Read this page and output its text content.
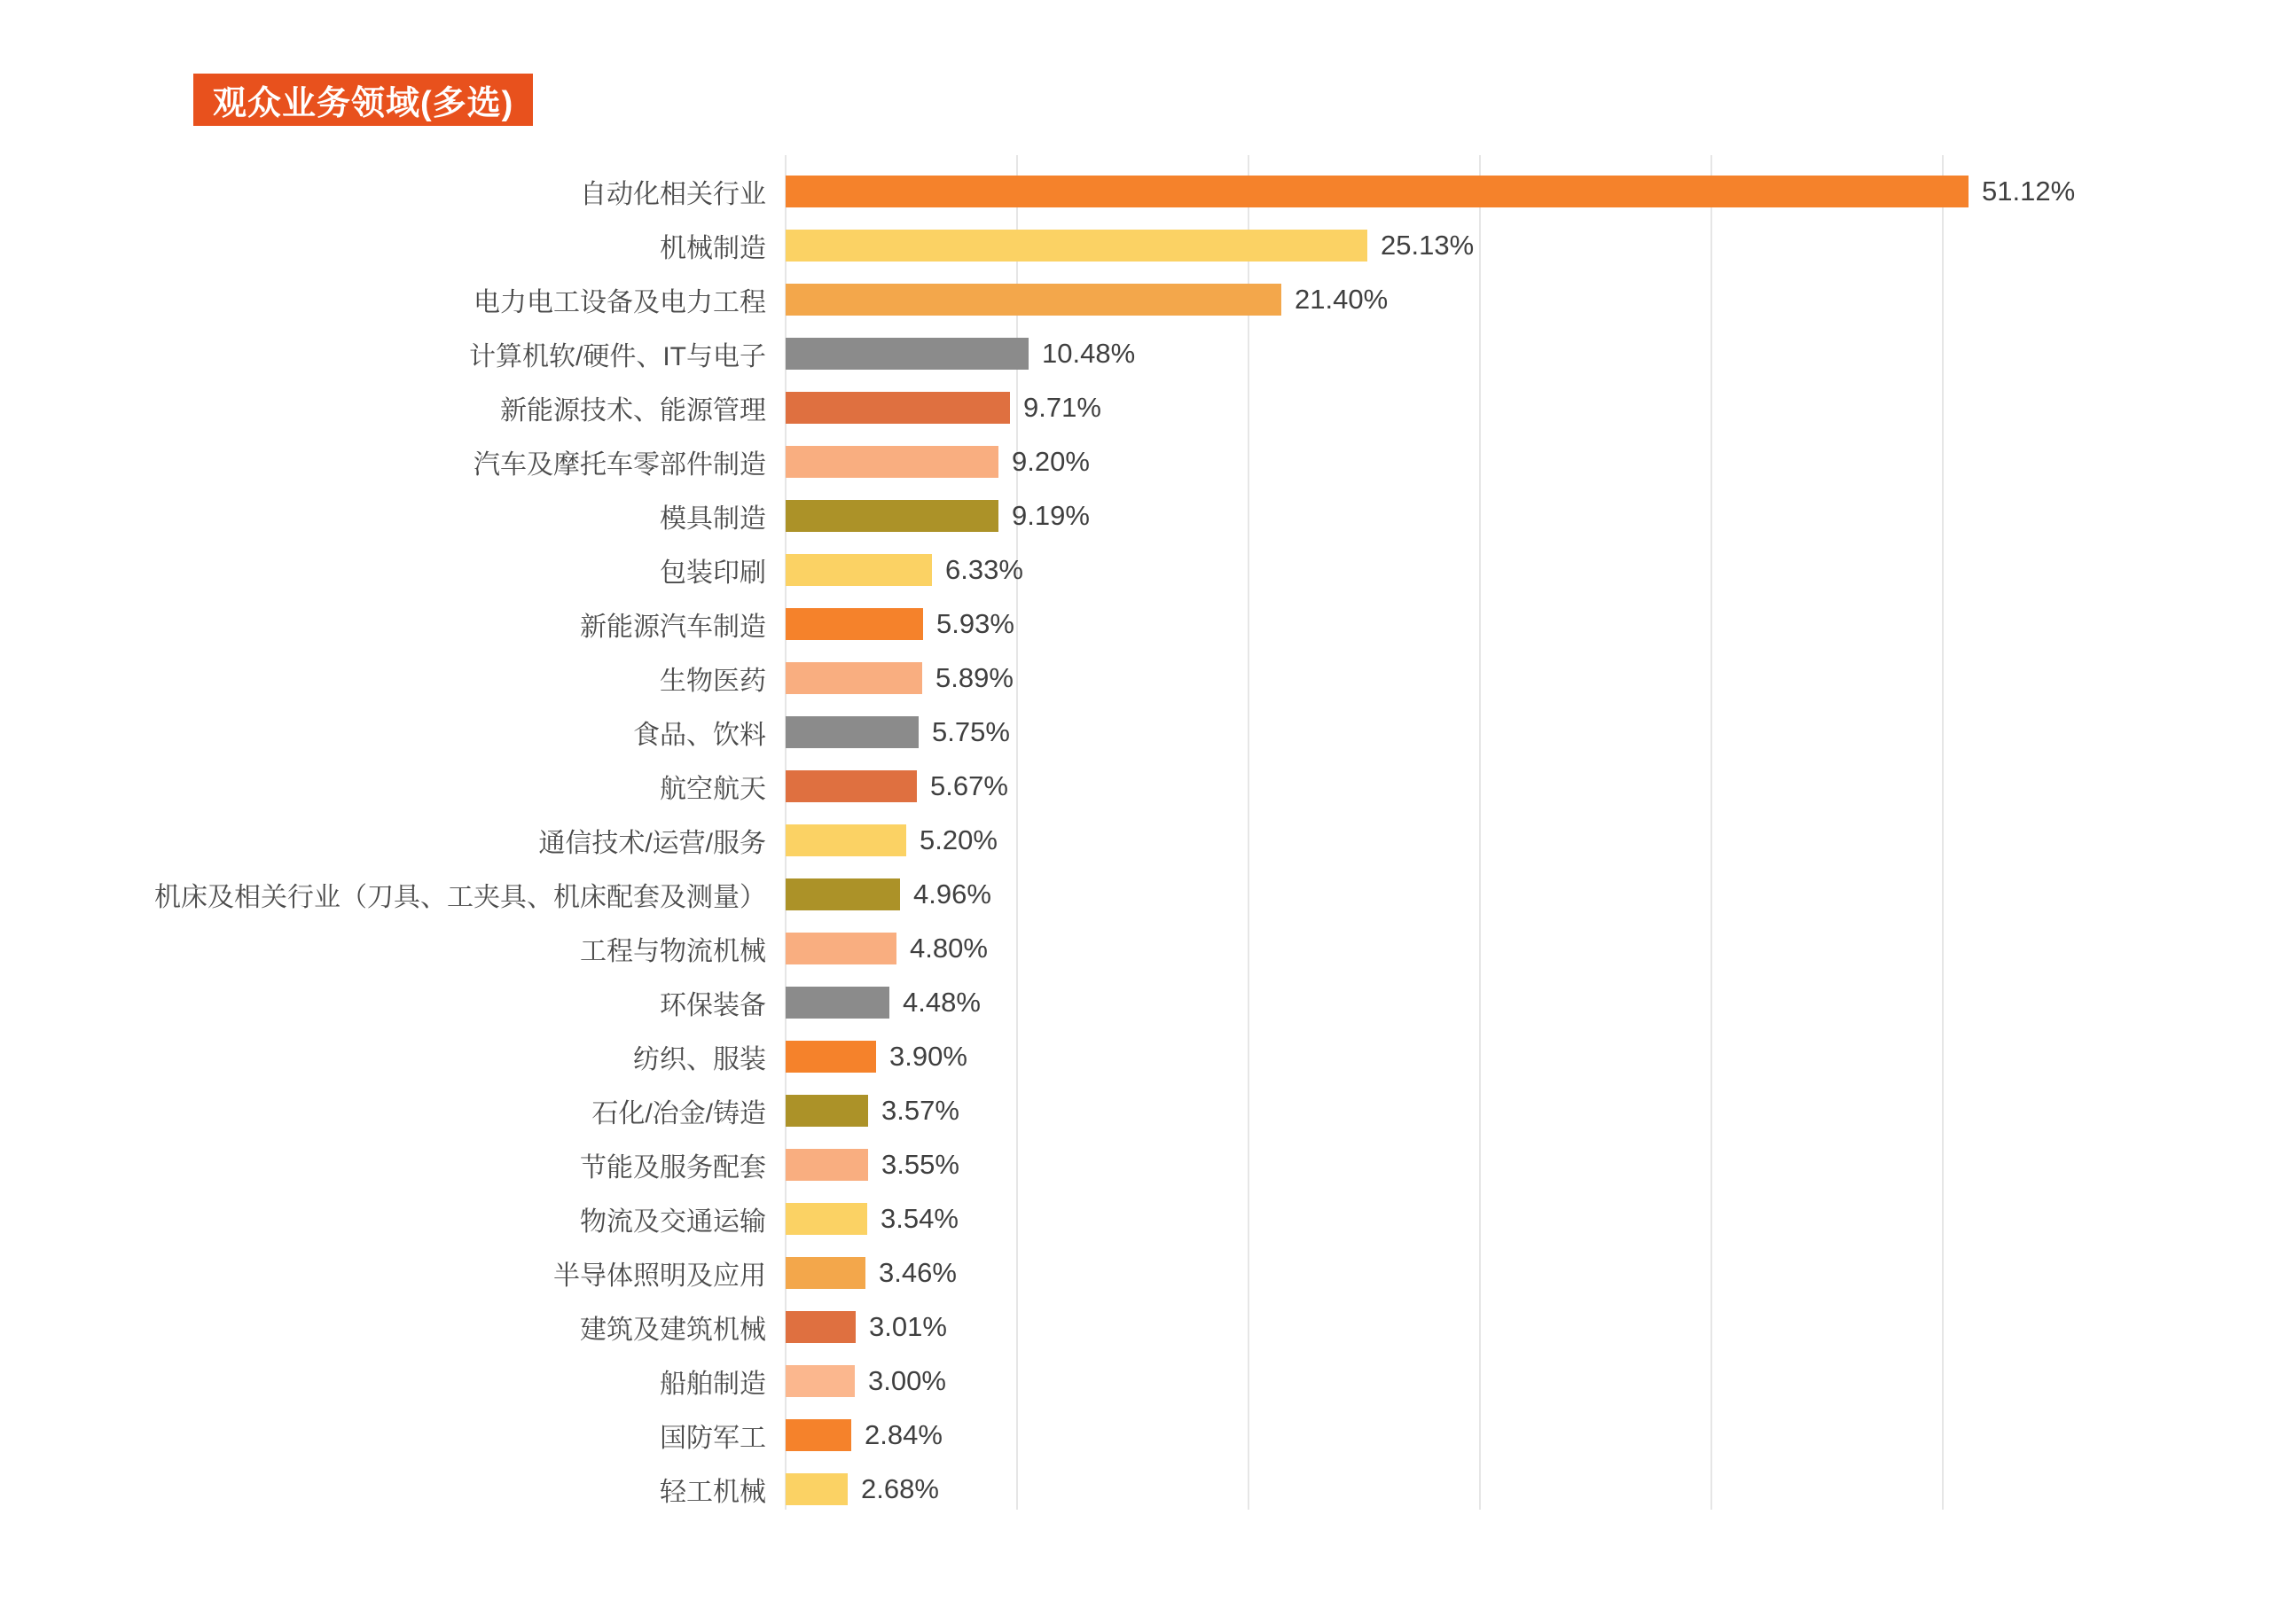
观众业务领域(多选)
自动化相关行业	51.12%
机械制造	25.13%
电力电工设备及电力工程	21.40%
计算机软/硬件、IT与电子	10.48%
新能源技术、能源管理	9.71%
汽车及摩托车零部件制造	9.20%
模具制造	9.19%
包装印刷	6.33%
新能源汽车制造	5.93%
生物医药	5.89%
食品、饮料	5.75%
航空航天	5.67%
通信技术/运营/服务	5.20%
机床及相关行业（刀具、工夹具、机床配套及测量）	4.96%
工程与物流机械	4.80%
环保装备	4.48%
纺织、服装	3.90%
石化/冶金/铸造	3.57%
节能及服务配套	3.55%
物流及交通运输	3.54%
半导体照明及应用	3.46%
建筑及建筑机械	3.01%
船舶制造	3.00%
国防军工	2.84%
轻工机械	2.68%
